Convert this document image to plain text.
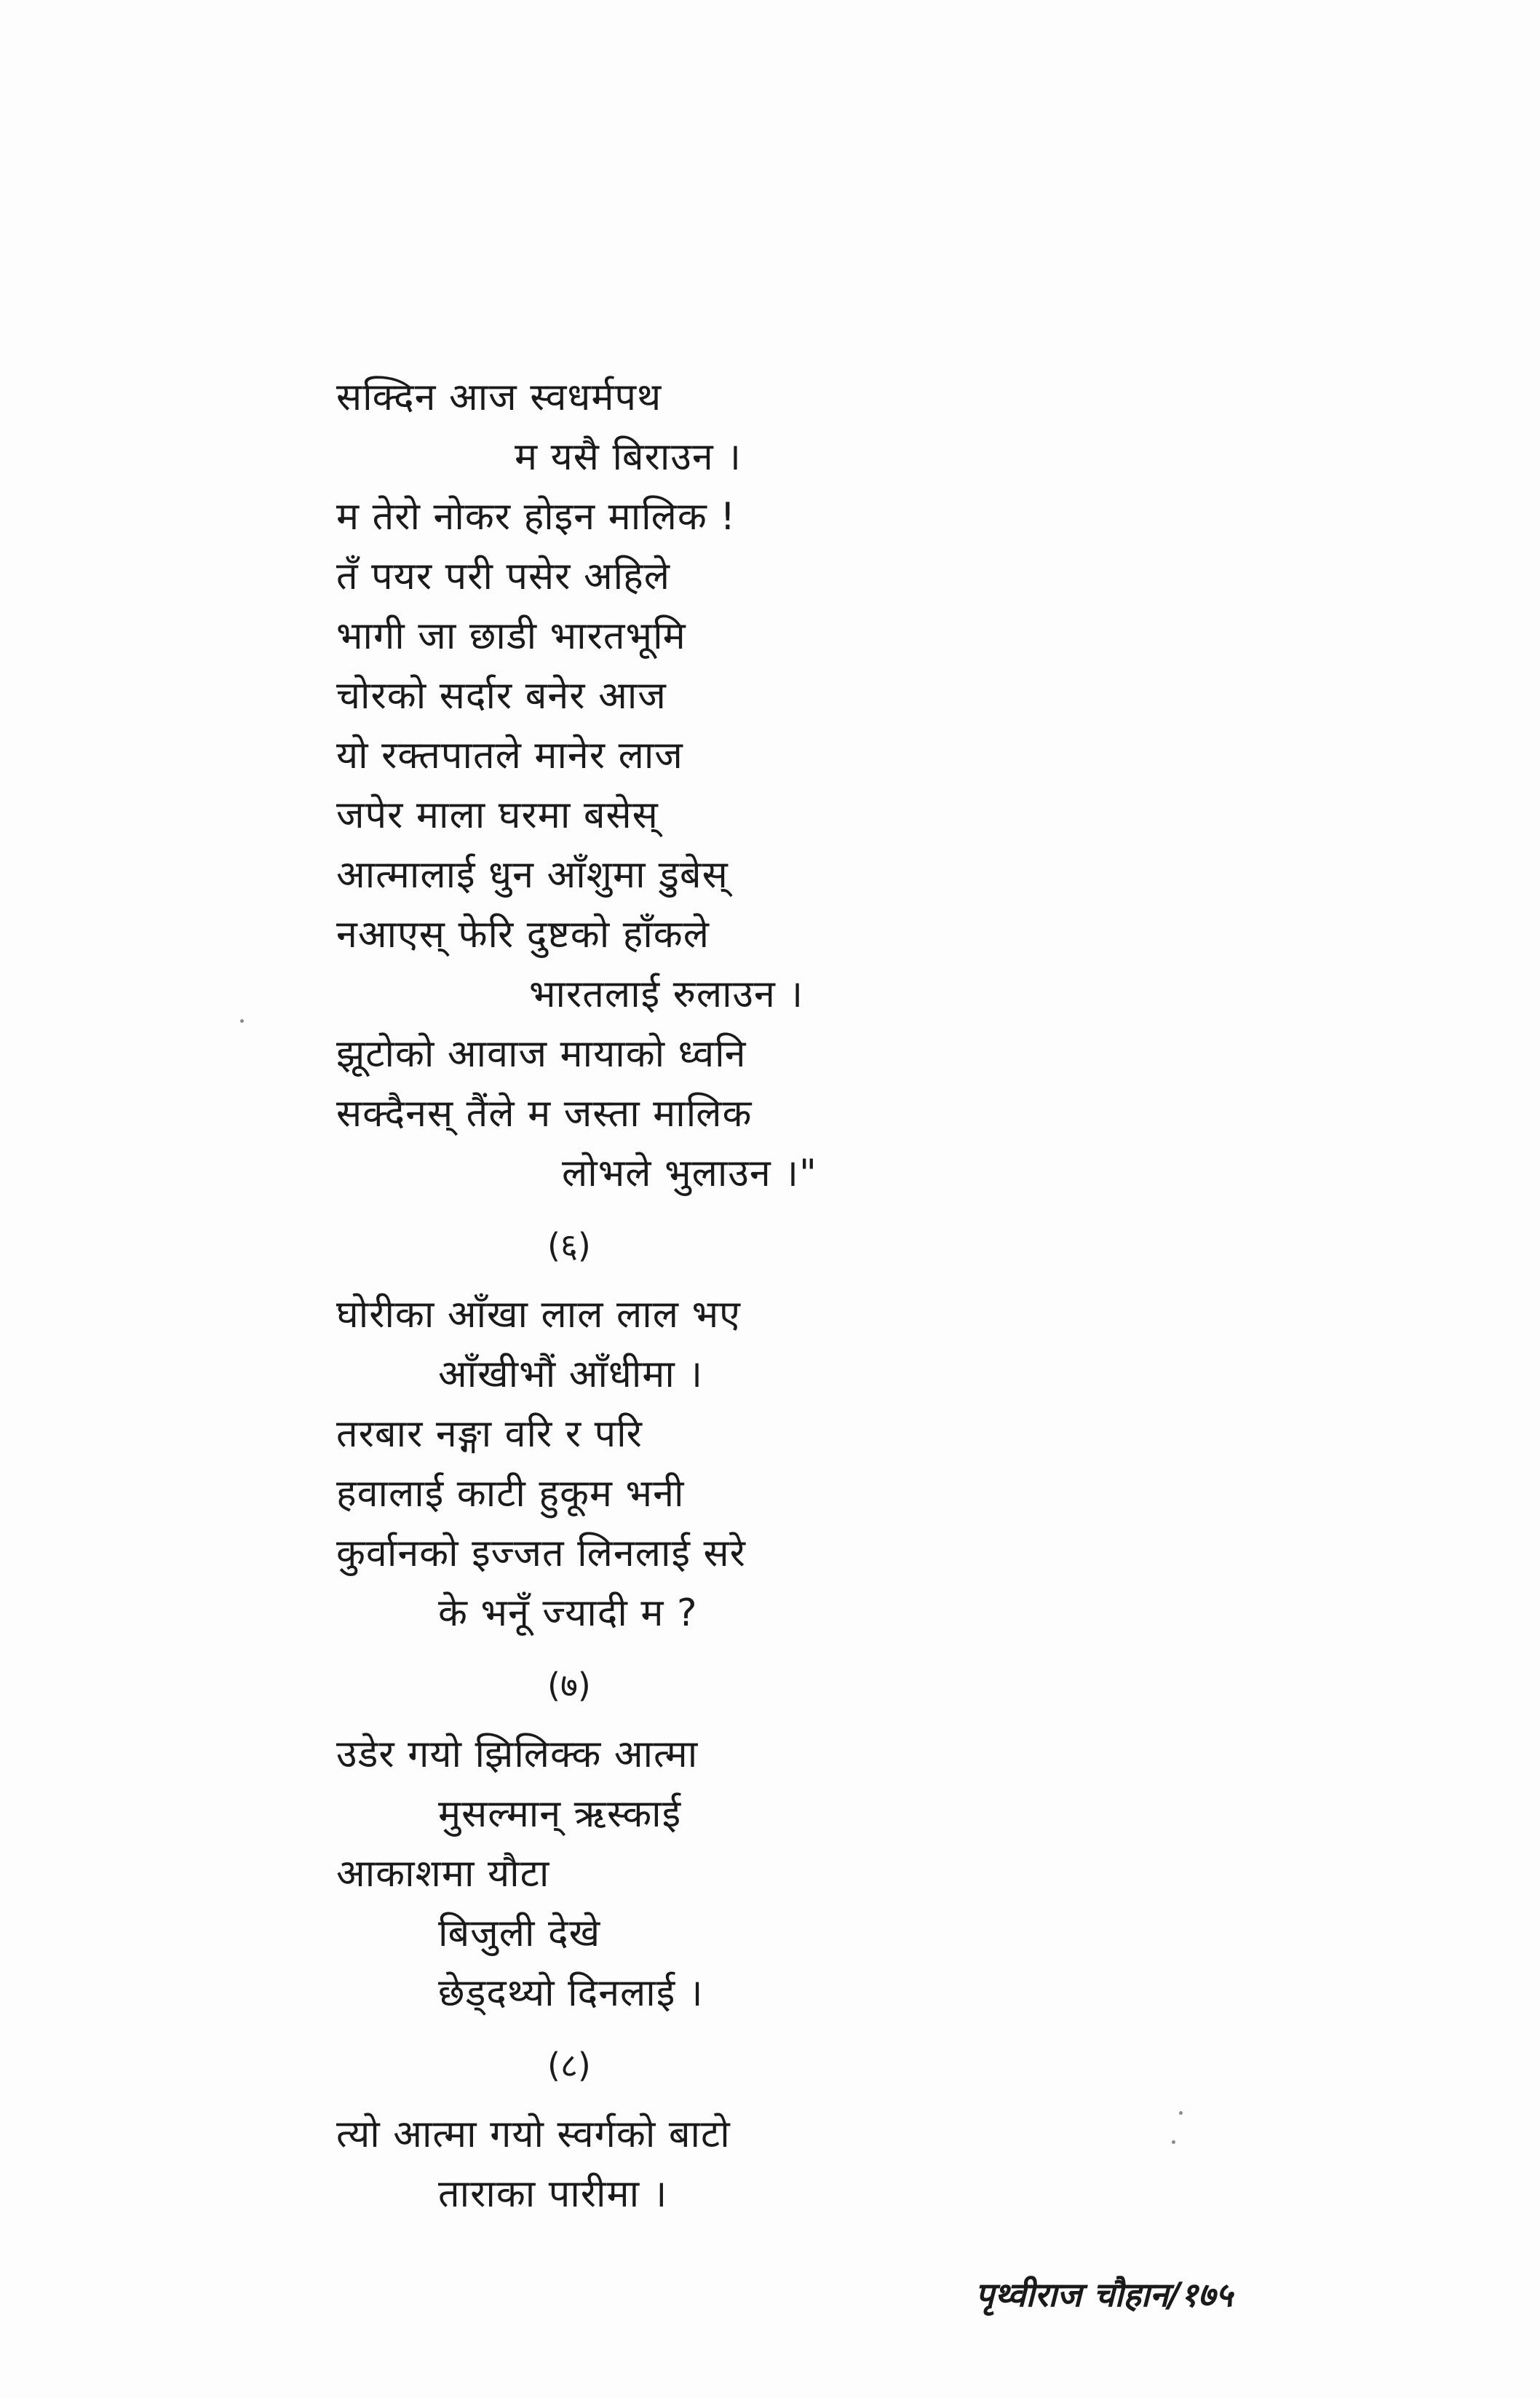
सक्दिन आज स्वधर्मपथ
म यसै बिराउन ।
म तेरो नोकर होइन मालिक !
तँ पयर परी पसेर अहिले
भागी जा छाडी भारतभूमि
चोरको सर्दार बनेर आज
यो रक्तपातले मानेर लाज
जपेर माला घरमा बसेस्
आत्मालाई धुन आँशुमा डुबेस्
नआएस् फेरि दुष्टको हाँकले
भारतलाई रुलाउन ।
झूटोको आवाज मायाको ध्वनि
सक्दैनस् तैंले म जस्ता मालिक
लोभले भुलाउन ।"
(६)
घोरीका आँखा लाल लाल भए
आँखीभौं आँधीमा ।
तरबार नङ्गा वरि र परि
हवालाई काटी हुकूम भनी
कुर्वानको इज्जत लिनलाई सरे
के भनूँ ज्यादी म ?
(७)
उडेर गयो झिलिक्क आत्मा
मुसल्मान् ऋस्काई
आकाशमा यौटा
बिजुली देखे
छेड्दथ्यो दिनलाई ।
(८)
त्यो आत्मा गयो स्वर्गको बाटो
ताराका पारीमा ।
पृथ्वीराज चौहान/१७५
